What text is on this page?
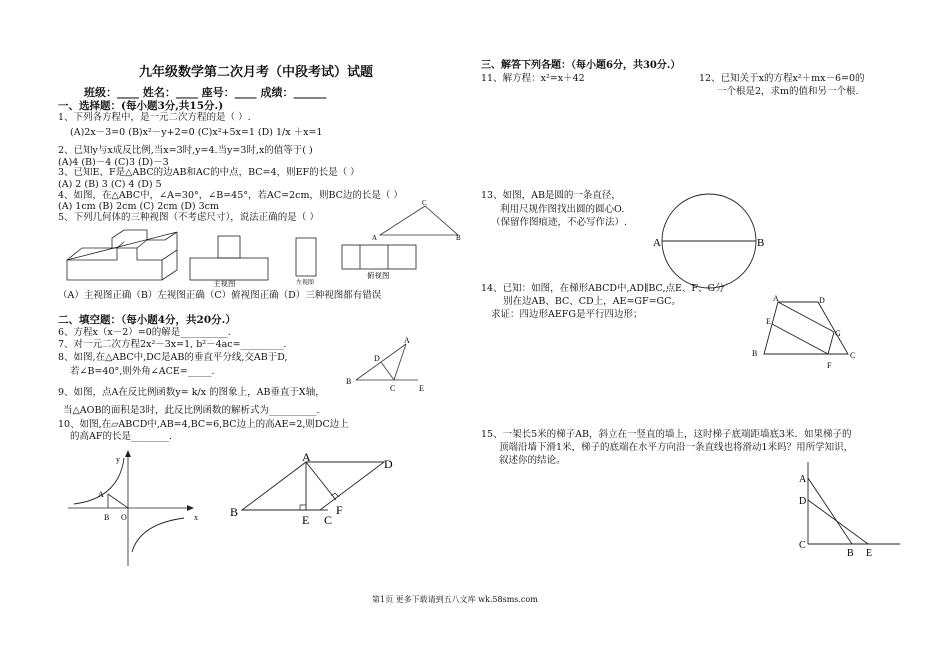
九年级数学第二次月考（中段考试）试题
班级：____ 姓名：____ 座号：____ 成绩：______
一、选择题：(每小题3分,共15分.)
1、下列各方程中，是一元二次方程的是（ ）.
(A)2x－3=0 (B)x²－y+2=0 (C)x²+5x=1 (D) 1/x ＋x=1
2、已知y与x成反比例,当x=3时,y=4.当y=3时,x的值等于( )
(A)4 (B)－4 (C)3 (D)－3
3、已知E、F是△ABC的边AB和AC的中点，BC=4，则EF的长是（ ）
(A) 2 (B) 3 (C) 4 (D) 5
4、如图，在△ABC中，∠A=30°，∠B=45°，若AC=2cm，则BC边的长是（ ）
(A) 1cm (B) 2cm (C) 2cm (D) 3cm
5、下列几何体的三种视图（不考虑尺寸），说法正确的是（ ）
A
C
B
主视图	左视图
俯视图
（A）主视图正确（B）左视图正确（C）俯视图正确（D）三种视图都有错误
二、填空题：（每小题4分，共20分.）
6、方程x（x－2）=0的解是__________.
7、对一元二次方程2x²－3x=1, b²－4ac=_________.
8、如图,在△ABC中,DC是AB的垂直平分线,交AB于D,
若∠B=40°,则外角∠ACE=_____.
B
D
A
C	E
9、如图，点A在反比例函数y= k/x 的图象上，AB垂直于X轴，
当△AOB的面积是3时，此反比例函数的解析式为__________.
10、如图,在▱ABCD中,AB=4,BC=6,BC边上的高AE=2,则DC边上
的高AF的长是________.
y
x
A
B O	B
A	D
E C
F
三、解答下列各题：（每小题6分，共30分.）
11、解方程：x²=x＋42	12、已知关于x的方程x²＋mx－6=0的
一个根是2，求m的值和另一个根.
13、如图，AB是圆的一条直径，
利用尺规作图找出圆的圆心O.
（保留作图痕迹，不必写作法）.
A	B
14、已知：如图，在梯形ABCD中,AD∥BC,点E、F、G分
别在边AB、BC、CD上，AE=GF=GC。
求证：四边形AEFG是平行四边形；
A	D
E
G
B	C
F
15、一架长5米的梯子AB，斜立在一竖直的墙上，这时梯子底端距墙底3米．如果梯子的
顶端沿墙下滑1米，梯子的底端在水平方向沿一条直线也将滑动1米吗？用所学知识，
叙述你的结论。
A
D
C
B E
第1页 更多下载请到五八文库 wk.58sms.com
